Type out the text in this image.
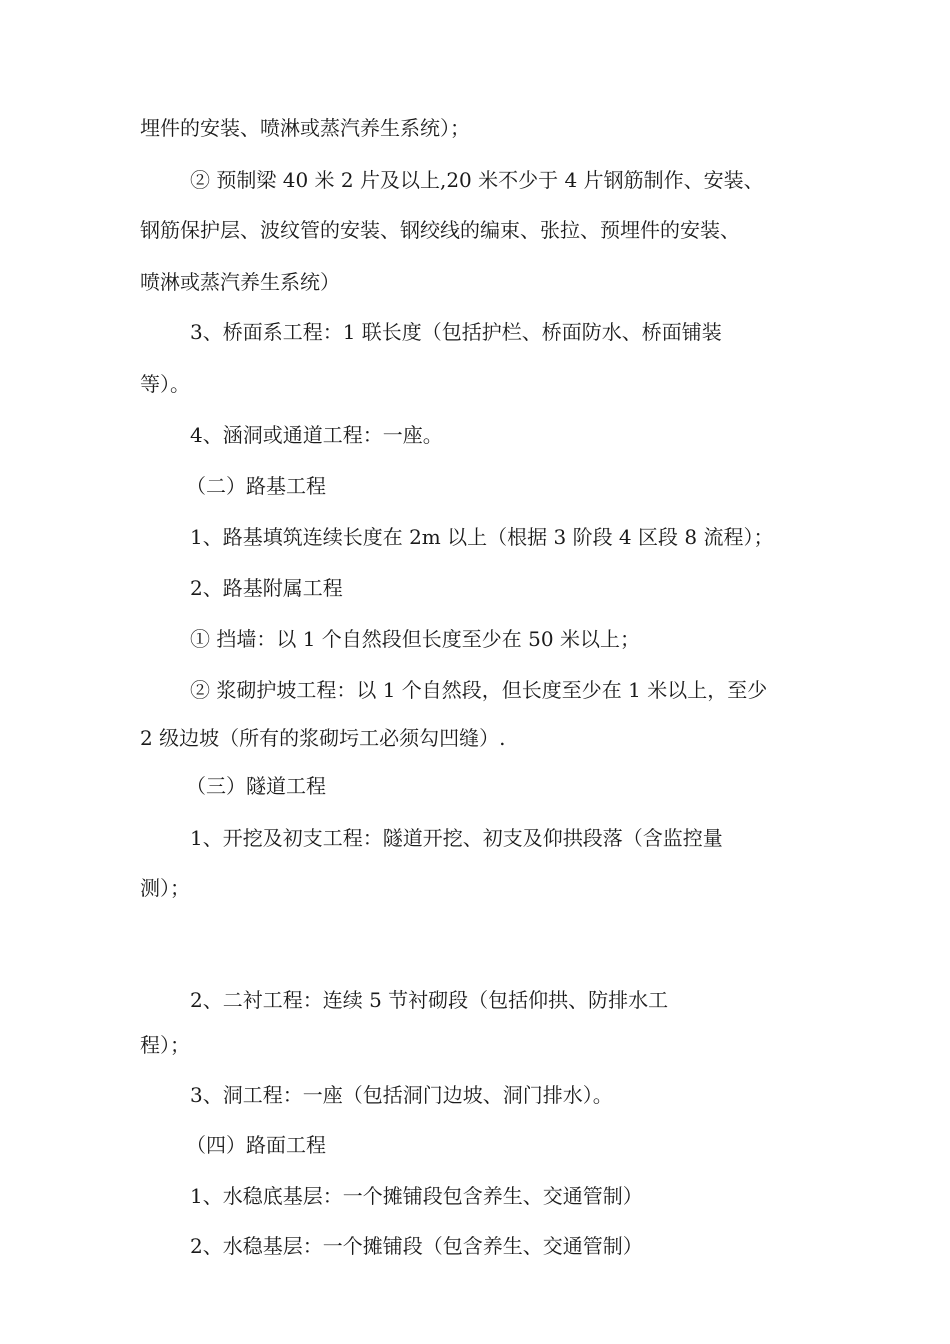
埋件的安装、喷淋或蒸汽养生系统）；
② 预制梁 40 米 2 片及以上,20 米不少于 4 片钢筋制作、安装、
钢筋保护层、波纹管的安装、钢绞线的编束、张拉、预埋件的安装、
喷淋或蒸汽养生系统）
3、桥面系工程：1 联长度（包括护栏、桥面防水、桥面铺装
等）。
4、涵洞或通道工程：一座。
（二）路基工程
1、路基填筑连续长度在 2m 以上（根据 3 阶段 4 区段 8 流程）；
2、路基附属工程
① 挡墙：以 1 个自然段但长度至少在 50 米以上；
② 浆砌护坡工程：以 1 个自然段，但长度至少在 1 米以上，至少
2 级边坡（所有的浆砌圬工必须勾凹缝）.
（三）隧道工程
1、开挖及初支工程：隧道开挖、初支及仰拱段落（含监控量
测）；
2、二衬工程：连续 5 节衬砌段（包括仰拱、防排水工
程）；
3、洞工程：一座（包括洞门边坡、洞门排水）。
（四）路面工程
1、水稳底基层：一个摊铺段包含养生、交通管制）
2、水稳基层：一个摊铺段（包含养生、交通管制）
